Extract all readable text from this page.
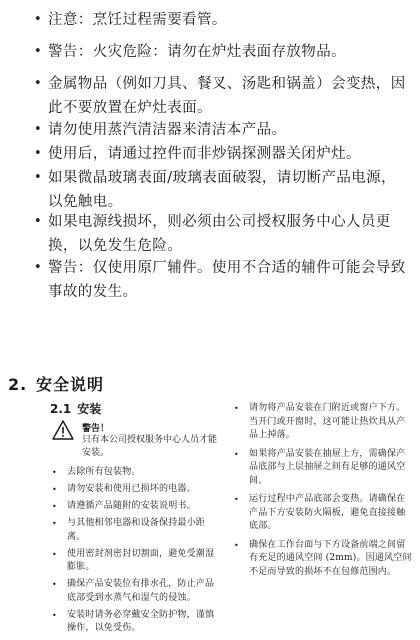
• 注意：烹饪过程需要看管。
• 警告：火灾危险：请勿在炉灶表面存放物品。
• 金属物品（例如刀具、餐叉、汤匙和锅盖）会变热，因此不要放置在炉灶表面。
• 请勿使用蒸汽清洁器来清洁本产品。
• 使用后，请通过控件而非炒锅探测器关闭炉灶。
• 如果微晶玻璃表面/玻璃表面破裂，请切断产品电源，以免触电。
• 如果电源线损坏，则必须由公司授权服务中心人员更换，以免发生危险。
• 警告：仅使用原厂辅件。使用不合适的辅件可能会导致事故的发生。
2. 安全说明
2.1 安装
警告！
只有本公司授权服务中心人员才能安装。
• 去除所有包装物。
• 请勿安装和使用已损坏的电器。
• 请遵循产品随附的安装说明书。
• 与其他相邻电器和设备保持最小距离。
• 使用密封剂密封切割面，避免受潮湿膨胀。
• 确保产品安装位有排水孔，防止产品底部受到水蒸气和湿气的侵蚀。
• 安装时请务必穿戴安全防护物，谨慎操作，以免受伤。
• 请勿将产品安装在门附近或窗户下方。当开门或开窗时，这可能让热炊具从产品上掉落。
• 如果将产品安装在抽屉上方，需确保产品底部与上层抽屉之间有足够的通风空间。
• 运行过程中产品底部会变热。请确保在产品下方安装防火隔板，避免直接接触底部。
• 确保在工作台面与下方设备前端之间留有充足的通风空间 (2mm)。因通风空间不足而导致的损坏不在包修范围内。
